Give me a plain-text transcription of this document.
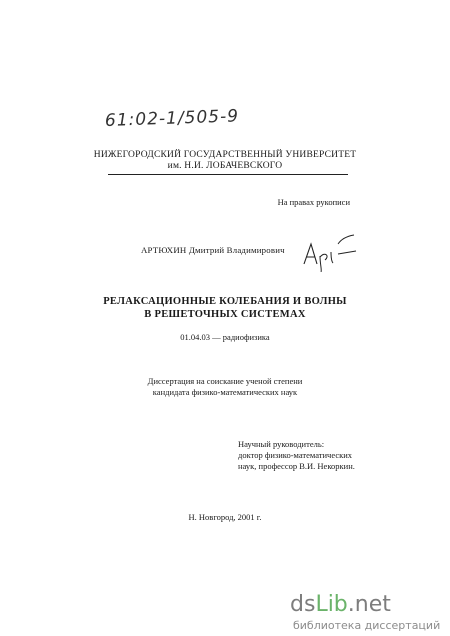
61:02-1/505-9
НИЖЕГОРОДСКИЙ ГОСУДАРСТВЕННЫЙ УНИВЕРСИТЕТ
им. Н.И. ЛОБАЧЕВСКОГО
На правах рукописи
АРТЮХИН Дмитрий Владимирович
РЕЛАКСАЦИОННЫЕ КОЛЕБАНИЯ И ВОЛНЫ
В РЕШЕТОЧНЫХ СИСТЕМАХ
01.04.03 — радиофизика
Диссертация на соискание ученой степени
кандидата физико-математических наук
Научный руководитель:
доктор физико-математических
наук, профессор В.И. Некоркин.
Н. Новгород, 2001 г.
dsLib.net
библиотека диссертаций
